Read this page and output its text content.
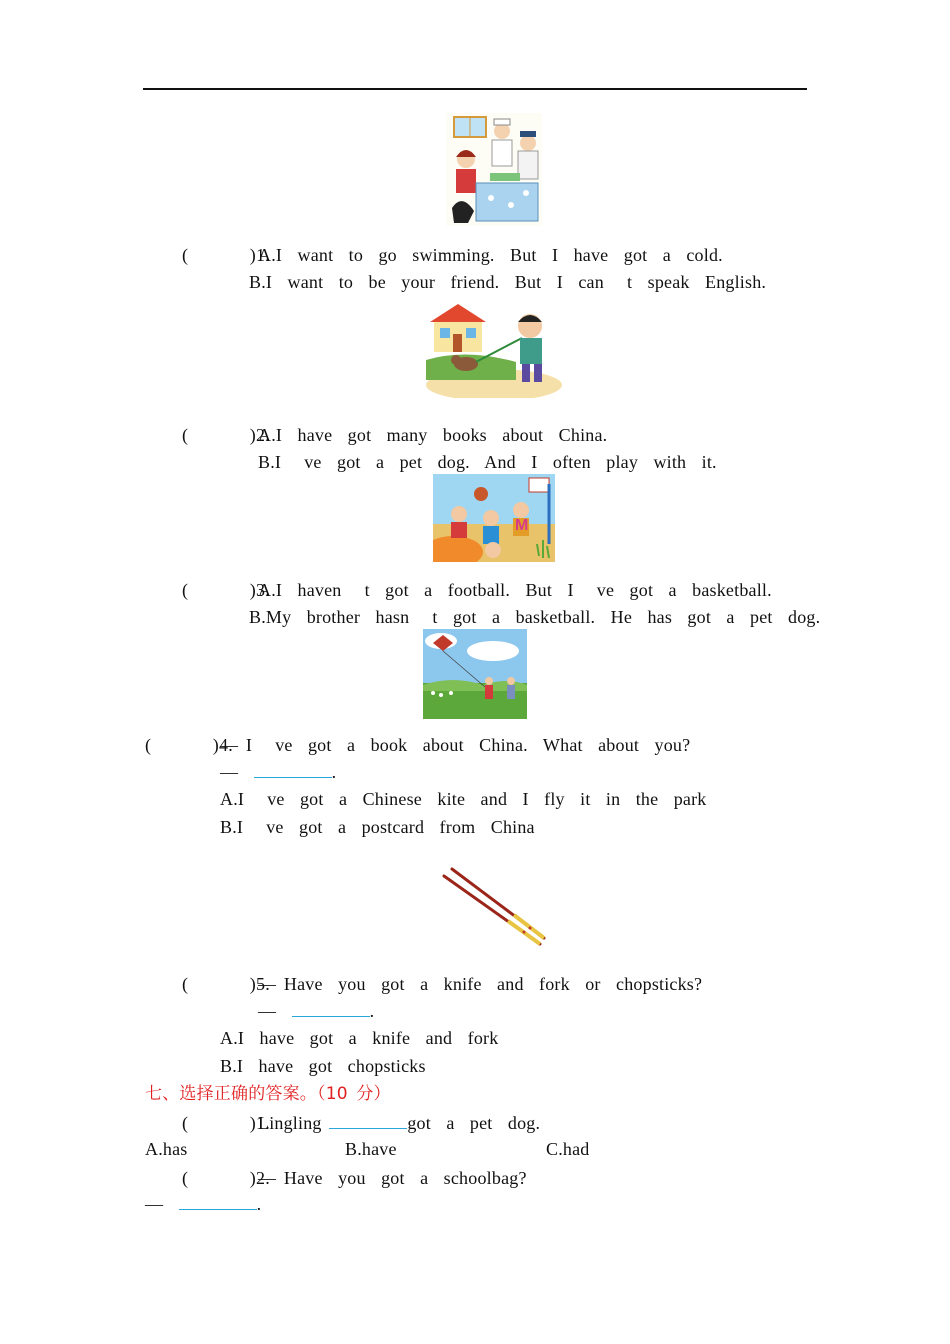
(        )1.
A.I  want  to  go  swimming.  But  I  have  got  a  cold.
B.I  want  to  be  your  friend.  But  I  can   t  speak  English.
(        )2.
A.I  have  got  many  books  about  China.
B.I   ve  got  a  pet  dog.  And  I  often  play  with  it.
M
(        )3.
A.I  haven   t  got  a  football.  But  I   ve  got  a  basketball.
B.My  brother  hasn   t  got  a  basketball.  He  has  got  a  pet  dog.
(        )4.
— I   ve  got  a  book  about  China.  What  about  you?
—	.
A.I   ve  got  a  Chinese  kite  and  I  fly  it  in  the  park
B.I   ve  got  a  postcard  from  China
(        )5.
— Have  you  got  a  knife  and  fork  or  chopsticks?
—	.
A.I  have  got  a  knife  and  fork
B.I  have  got  chopsticks
七、选择正确的答案。（10 分）
(        )1.
Lingling	got  a  pet  dog.
A.has	B.have	C.had
(        )2.
— Have  you  got  a  schoolbag?
—	.
